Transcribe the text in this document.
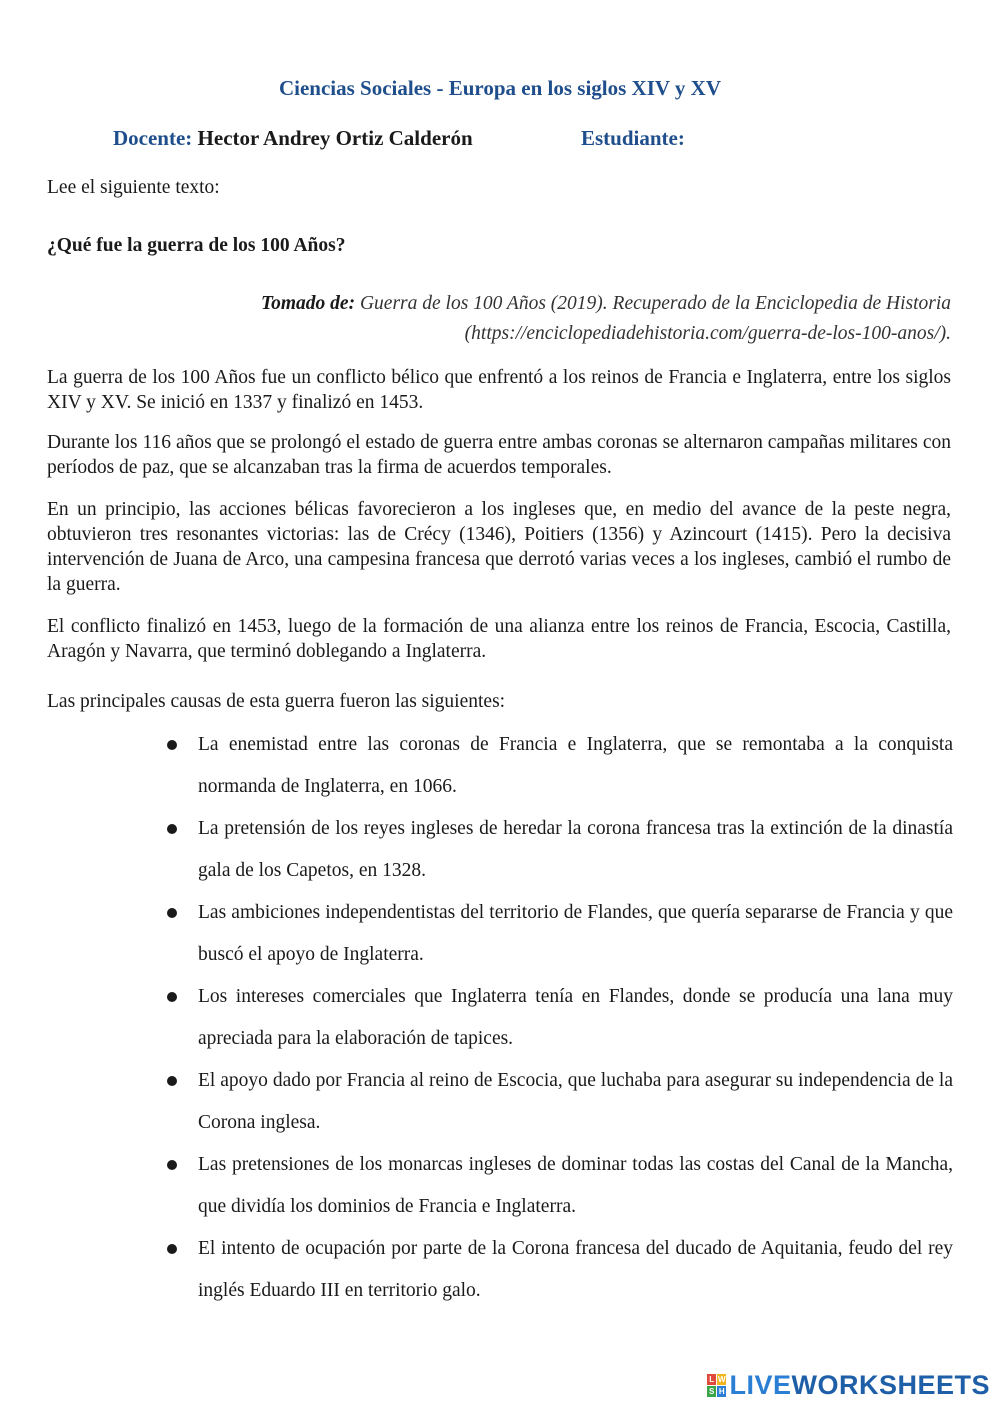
Ciencias Sociales - Europa en los siglos XIV y XV
Docente: Hector Andrey Ortiz Calderón	Estudiante:

Lee el siguiente texto:

¿Qué fue la guerra de los 100 Años?

Tomado de: Guerra de los 100 Años (2019). Recuperado de la Enciclopedia de Historia (https://enciclopediadehistoria.com/guerra-de-los-100-anos/).

La guerra de los 100 Años fue un conflicto bélico que enfrentó a los reinos de Francia e Inglaterra, entre los siglos XIV y XV. Se inició en 1337 y finalizó en 1453.

Durante los 116 años que se prolongó el estado de guerra entre ambas coronas se alternaron campañas militares con períodos de paz, que se alcanzaban tras la firma de acuerdos temporales.

En un principio, las acciones bélicas favorecieron a los ingleses que, en medio del avance de la peste negra, obtuvieron tres resonantes victorias: las de Crécy (1346), Poitiers (1356) y Azincourt (1415). Pero la decisiva intervención de Juana de Arco, una campesina francesa que derrotó varias veces a los ingleses, cambió el rumbo de la guerra.

El conflicto finalizó en 1453, luego de la formación de una alianza entre los reinos de Francia, Escocia, Castilla, Aragón y Navarra, que terminó doblegando a Inglaterra.

Las principales causas de esta guerra fueron las siguientes:

La enemistad entre las coronas de Francia e Inglaterra, que se remontaba a la conquista normanda de Inglaterra, en 1066.
La pretensión de los reyes ingleses de heredar la corona francesa tras la extinción de la dinastía gala de los Capetos, en 1328.
Las ambiciones independentistas del territorio de Flandes, que quería separarse de Francia y que buscó el apoyo de Inglaterra.
Los intereses comerciales que Inglaterra tenía en Flandes, donde se producía una lana muy apreciada para la elaboración de tapices.
El apoyo dado por Francia al reino de Escocia, que luchaba para asegurar su independencia de la Corona inglesa.
Las pretensiones de los monarcas ingleses de dominar todas las costas del Canal de la Mancha, que dividía los dominios de Francia e Inglaterra.
El intento de ocupación por parte de la Corona francesa del ducado de Aquitania, feudo del rey inglés Eduardo III en territorio galo.
L W
S H LIVEWORKSHEETS
